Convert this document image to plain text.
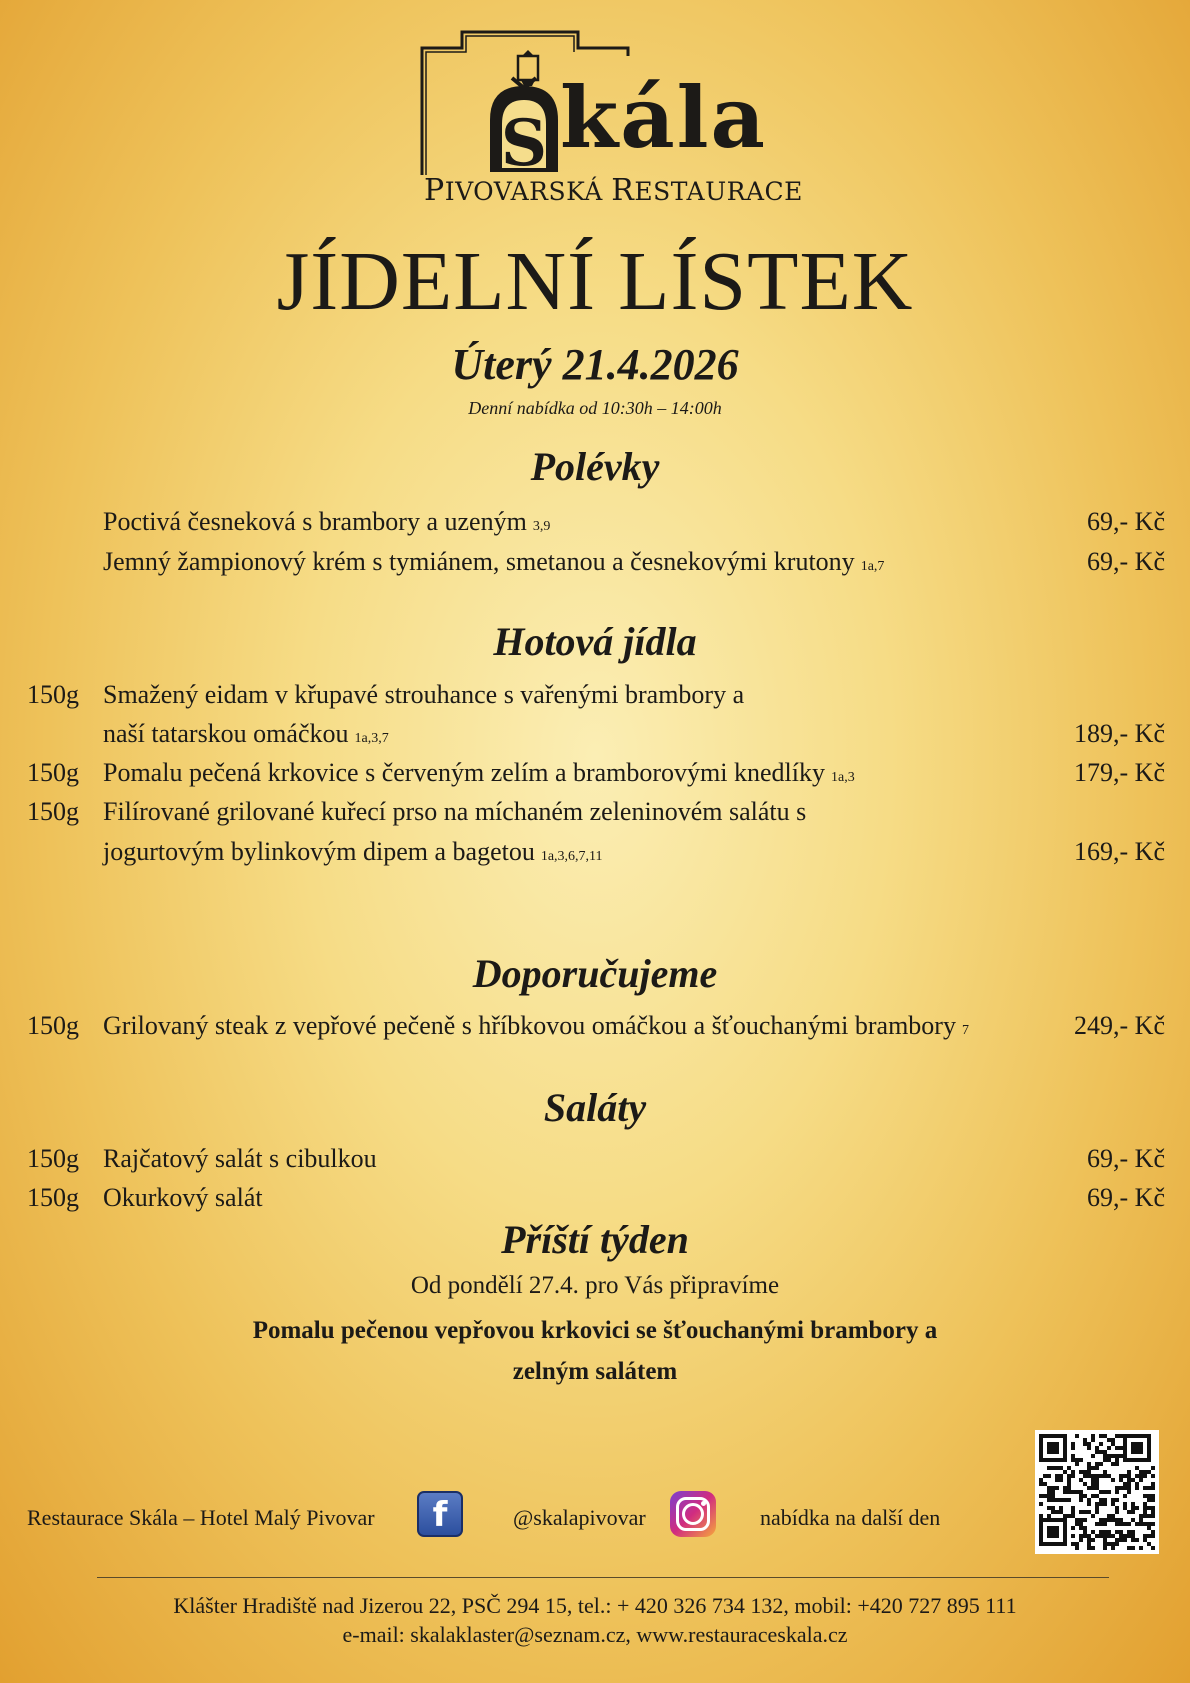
S kála
PIVOVARSKÁ RESTAURACE
JÍDELNÍ LÍSTEK
Úterý 21.4.2026
Denní nabídka od 10:30h – 14:00h
Polévky
Poctivá česneková s brambory a uzeným 3,9	69,- Kč
Jemný žampionový krém s tymiánem, smetanou a česnekovými krutony 1a,7	69,- Kč
Hotová jídla
150g Smažený eidam v křupavé strouhance s vařenými brambory a
naší tatarskou omáčkou 1a,3,7	189,- Kč
150g Pomalu pečená krkovice s červeným zelím a bramborovými knedlíky 1a,3	179,- Kč
150g Filírované grilované kuřecí prso na míchaném zeleninovém salátu s
jogurtovým bylinkovým dipem a bagetou 1a,3,6,7,11	169,- Kč
Doporučujeme
150g Grilovaný steak z vepřové pečeně s hříbkovou omáčkou a šťouchanými brambory 7	249,- Kč
Saláty
150g Rajčatový salát s cibulkou	69,- Kč
150g Okurkový salát	69,- Kč
Příští týden
Od pondělí 27.4. pro Vás připravíme
Pomalu pečenou vepřovou krkovici se šťouchanými brambory a
zelným salátem
Restaurace Skála – Hotel Malý Pivovar	f	@skalapivovar	nabídka na další den
Klášter Hradiště nad Jizerou 22, PSČ 294 15, tel.: + 420 326 734 132, mobil: +420 727 895 111
e-mail: skalaklaster@seznam.cz, www.restauraceskala.cz
